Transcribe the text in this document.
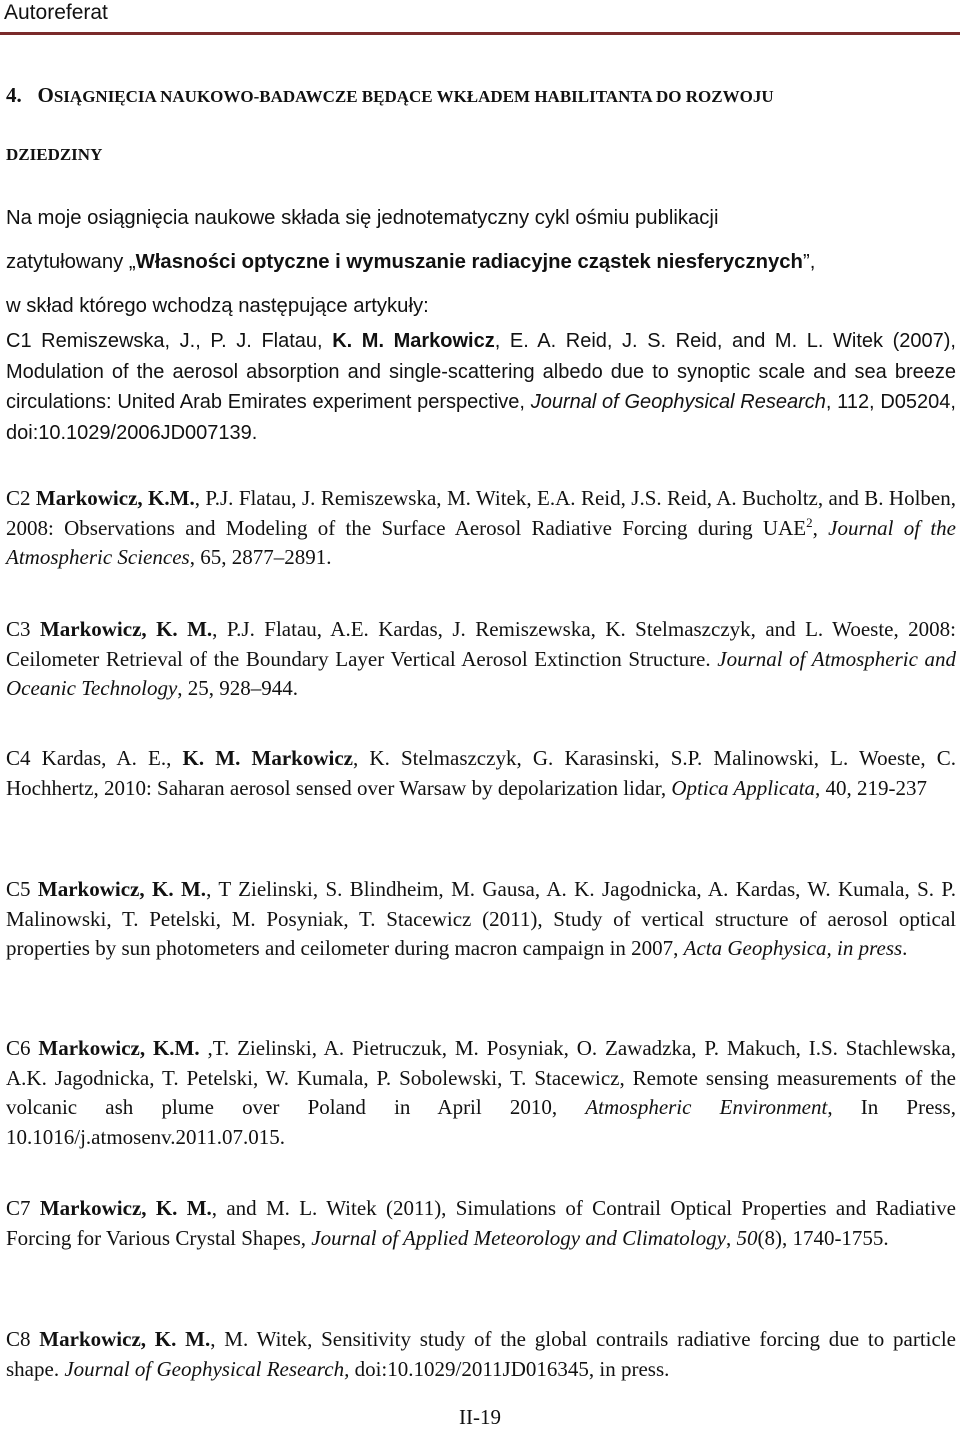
Autoreferat
4. OSIĄGNIĘCIA NAUKOWO-BADAWCZE BĘDĄCE WKŁADEM HABILITANTA DO ROZWOJU
DZIEDZINY
Na moje osiągnięcia naukowe składa się jednotematyczny cykl ośmiu publikacji
zatytułowany „Własności optyczne i wymuszanie radiacyjne cząstek niesferycznych”,
w skład którego wchodzą następujące artykuły:
C1 Remiszewska, J., P. J. Flatau, K. M. Markowicz, E. A. Reid, J. S. Reid, and M. L. Witek (2007), Modulation of the aerosol absorption and single-scattering albedo due to synoptic scale and sea breeze circulations: United Arab Emirates experiment perspective, Journal of Geophysical Research, 112, D05204, doi:10.1029/2006JD007139.
C2 Markowicz, K.M., P.J. Flatau, J. Remiszewska, M. Witek, E.A. Reid, J.S. Reid, A. Bucholtz, and B. Holben, 2008: Observations and Modeling of the Surface Aerosol Radiative Forcing during UAE$^2$, Journal of the Atmospheric Sciences, 65, 2877–2891.
C3 Markowicz, K. M., P.J. Flatau, A.E. Kardas, J. Remiszewska, K. Stelmaszczyk, and L. Woeste, 2008: Ceilometer Retrieval of the Boundary Layer Vertical Aerosol Extinction Structure. Journal of Atmospheric and Oceanic Technology, 25, 928–944.
C4 Kardas, A. E., K. M. Markowicz, K. Stelmaszczyk, G. Karasinski, S.P. Malinowski, L. Woeste, C. Hochhertz, 2010: Saharan aerosol sensed over Warsaw by depolarization lidar, Optica Applicata, 40, 219-237
C5 Markowicz, K. M., T Zielinski, S. Blindheim, M. Gausa, A. K. Jagodnicka, A. Kardas, W. Kumala, S. P. Malinowski, T. Petelski, M. Posyniak, T. Stacewicz (2011), Study of vertical structure of aerosol optical properties by sun photometers and ceilometer during macron campaign in 2007, Acta Geophysica, in press.
C6 Markowicz, K.M. ,T. Zielinski, A. Pietruczuk, M. Posyniak, O. Zawadzka, P. Makuch, I.S. Stachlewska, A.K. Jagodnicka, T. Petelski, W. Kumala, P. Sobolewski, T. Stacewicz, Remote sensing measurements of the volcanic ash plume over Poland in April 2010, Atmospheric Environment, In Press, 10.1016/j.atmosenv.2011.07.015.
C7 Markowicz, K. M., and M. L. Witek (2011), Simulations of Contrail Optical Properties and Radiative Forcing for Various Crystal Shapes, Journal of Applied Meteorology and Climatology, 50(8), 1740-1755.
C8 Markowicz, K. M., M. Witek, Sensitivity study of the global contrails radiative forcing due to particle shape. Journal of Geophysical Research, doi:10.1029/2011JD016345, in press.
II-19
